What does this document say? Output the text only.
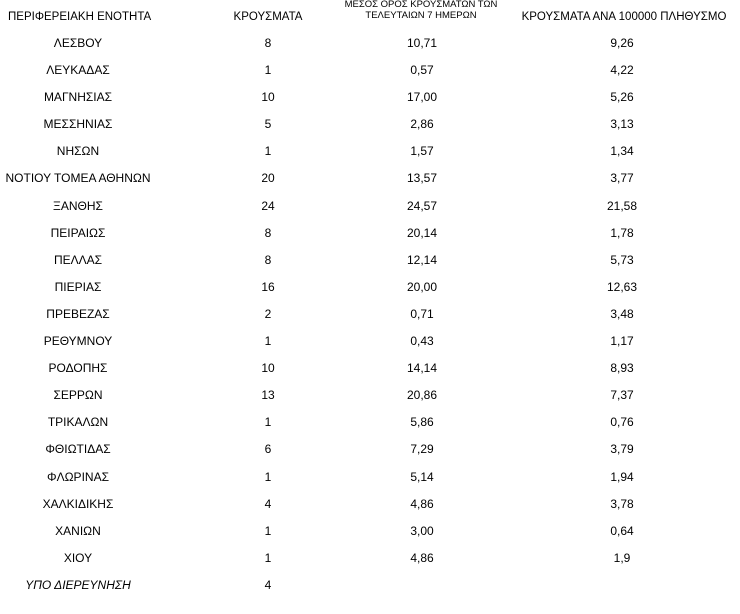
ΠΕΡΙΦΕΡΕΙΑΚΗ ΕΝΟΤΗΤΑ	ΚΡΟΥΣΜΑΤΑ
ΜΕΣΟΣ ΟΡΟΣ ΚΡΟΥΣΜΑΤΩΝ ΤΩΝ
ΤΕΛΕΥΤΑΙΩΝ 7 ΗΜΕΡΩΝ	ΚΡΟΥΣΜΑΤΑ ΑΝΑ 100000 ΠΛΗΘΥΣΜΟ
ΛΕΣΒΟΥ	8	10,71	9,26
ΛΕΥΚΑΔΑΣ	1	0,57	4,22
ΜΑΓΝΗΣΙΑΣ	10	17,00	5,26
ΜΕΣΣΗΝΙΑΣ	5	2,86	3,13
ΝΗΣΩΝ	1	1,57	1,34
ΝΟΤΙΟΥ ΤΟΜΕΑ ΑΘΗΝΩΝ	20	13,57	3,77
ΞΑΝΘΗΣ	24	24,57	21,58
ΠΕΙΡΑΙΩΣ	8	20,14	1,78
ΠΕΛΛΑΣ	8	12,14	5,73
ΠΙΕΡΙΑΣ	16	20,00	12,63
ΠΡΕΒΕΖΑΣ	2	0,71	3,48
ΡΕΘΥΜΝΟΥ	1	0,43	1,17
ΡΟΔΟΠΗΣ	10	14,14	8,93
ΣΕΡΡΩΝ	13	20,86	7,37
ΤΡΙΚΑΛΩΝ	1	5,86	0,76
ΦΘΙΩΤΙΔΑΣ	6	7,29	3,79
ΦΛΩΡΙΝΑΣ	1	5,14	1,94
ΧΑΛΚΙΔΙΚΗΣ	4	4,86	3,78
ΧΑΝΙΩΝ	1	3,00	0,64
ΧΙΟΥ	1	4,86	1,9
ΥΠΟ ΔΙΕΡΕΥΝΗΣΗ	4
